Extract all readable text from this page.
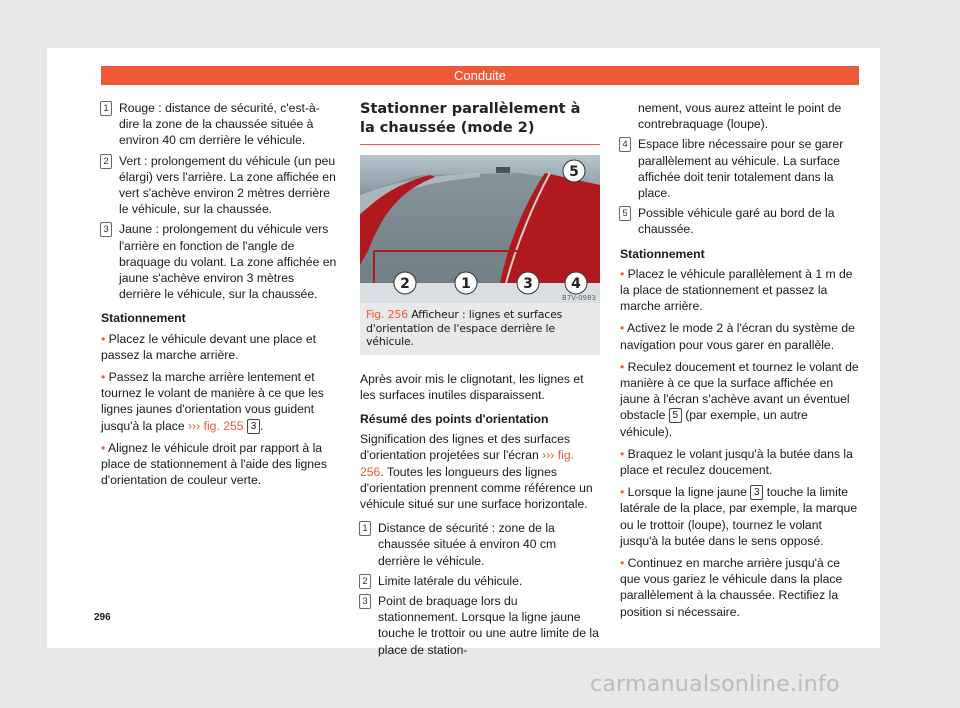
Conduite
1 Rouge : distance de sécurité, c'est-à-dire la zone de la chaussée située à environ 40 cm derrière le véhicule.
2 Vert : prolongement du véhicule (un peu élargi) vers l'arrière. La zone affichée en vert s'achève environ 2 mètres derrière le véhicule, sur la chaussée.
3 Jaune : prolongement du véhicule vers l'arrière en fonction de l'angle de braquage du volant. La zone affichée en jaune s'achève environ 3 mètres derrière le véhicule, sur la chaussée.
Stationnement

• Placez le véhicule devant une place et passez la marche arrière.

• Passez la marche arrière lentement et tournez le volant de manière à ce que les lignes jaunes d'orientation vous guident jusqu'à la place ››› fig. 255 3 .

• Alignez le véhicule droit par rapport à la place de stationnement à l'aide des lignes d'orientation de couleur verte.

Stationner parallèlement à la chaussée (mode 2)
5
2	1	3	4
B7V-0983
Fig. 256 Afficheur : lignes et surfaces d'orientation de l'espace derrière le véhicule.

Après avoir mis le clignotant, les lignes et les surfaces inutiles disparaissent.

Résumé des points d'orientation

Signification des lignes et des surfaces d'orientation projetées sur l'écran ››› fig. 256. Toutes les longueurs des lignes d'orientation prennent comme référence un véhicule situé sur une surface horizontale.

1 Distance de sécurité : zone de la chaussée située à environ 40 cm derrière le véhicule.
2 Limite latérale du véhicule.
3 Point de braquage lors du stationnement. Lorsque la ligne jaune touche le trottoir ou une autre limite de la place de station-
nement, vous aurez atteint le point de contrebraquage (loupe).
4 Espace libre nécessaire pour se garer parallèlement au véhicule. La surface affichée doit tenir totalement dans la place.
5 Possible véhicule garé au bord de la chaussée.
Stationnement

• Placez le véhicule parallèlement à 1 m de la place de stationnement et passez la marche arrière.

• Activez le mode 2 à l'écran du système de navigation pour vous garer en parallèle.

• Reculez doucement et tournez le volant de manière à ce que la surface affichée en jaune à l'écran s'achève avant un éventuel obstacle 5 (par exemple, un autre véhicule).

• Braquez le volant jusqu'à la butée dans la place et reculez doucement.

• Lorsque la ligne jaune 3 touche la limite latérale de la place, par exemple, la marque ou le trottoir (loupe), tournez le volant jusqu'à la butée dans le sens opposé.

• Continuez en marche arrière jusqu'à ce que vous gariez le véhicule dans la place parallèlement à la chaussée. Rectifiez la position si nécessaire.

296
carmanualsonline.info
